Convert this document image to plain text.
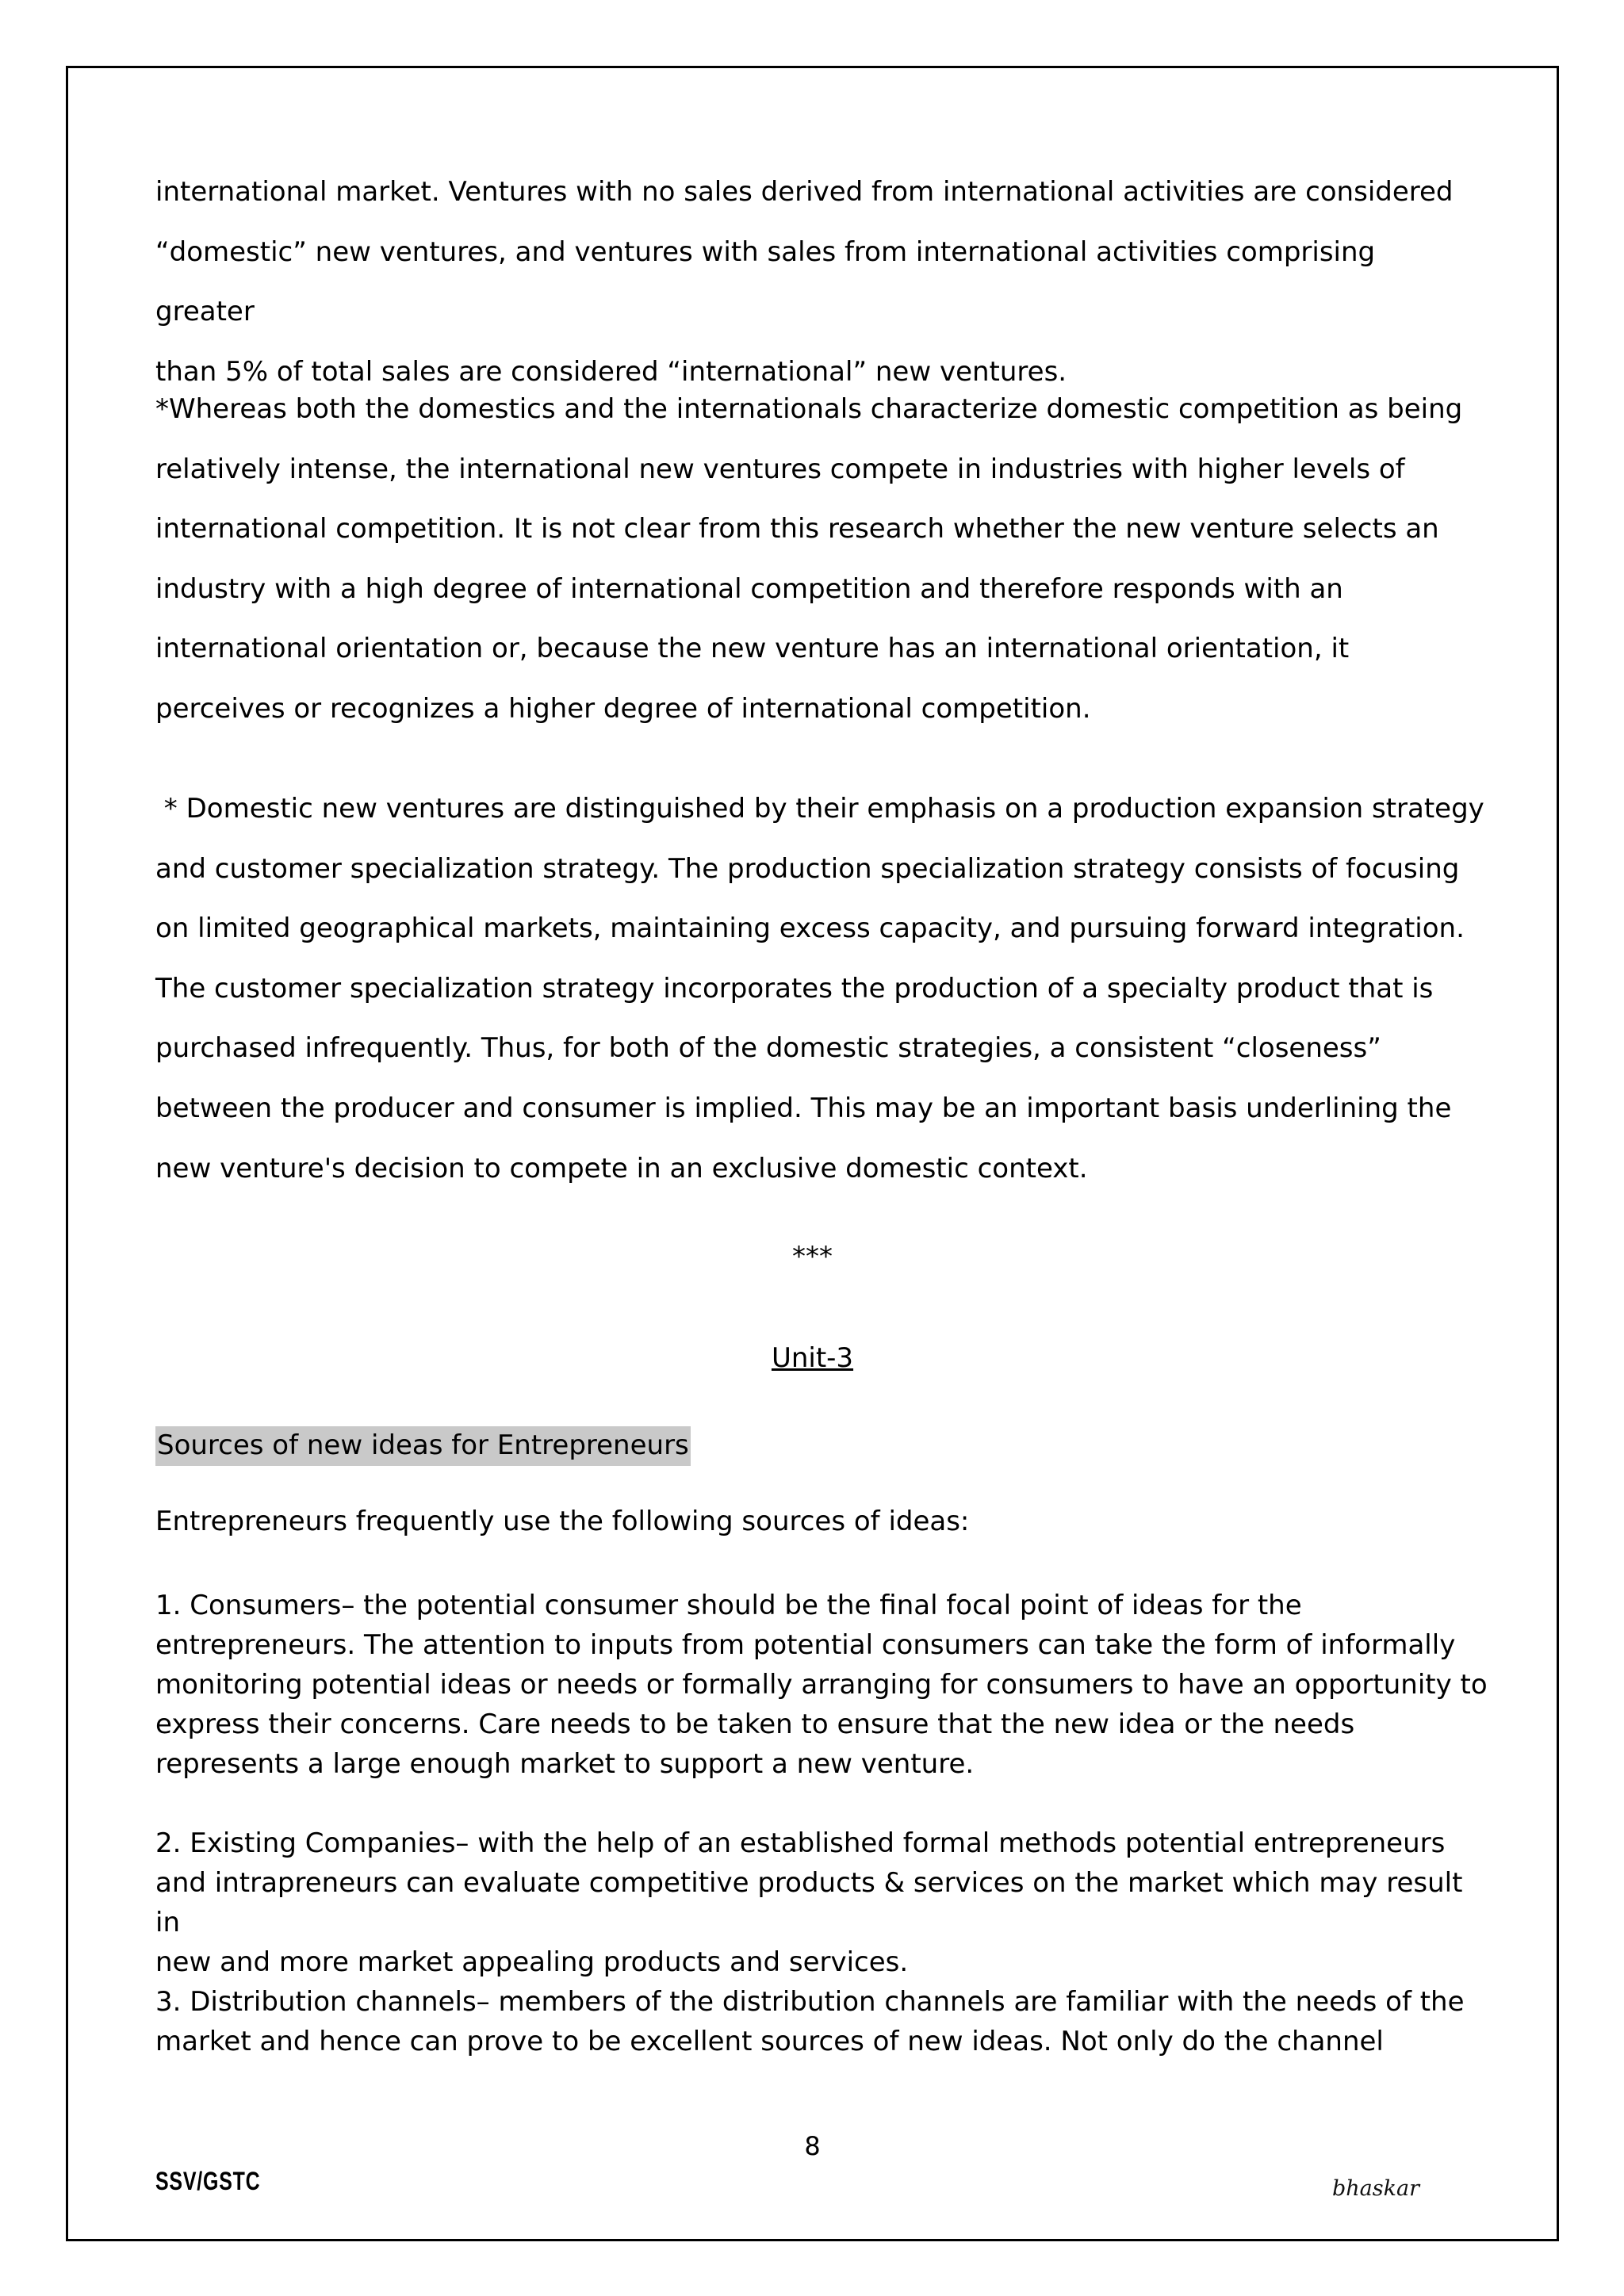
international market. Ventures with no sales derived from international activities are considered

“domestic” new ventures, and ventures with sales from international activities comprising greater

than 5% of total sales are considered “international” new ventures.

*Whereas both the domestics and the internationals characterize domestic competition as being

relatively intense, the international new ventures compete in industries with higher levels of

international competition. It is not clear from this research whether the new venture selects an

industry with a high degree of international competition and therefore responds with an

international orientation or, because the new venture has an international orientation, it

perceives or recognizes a higher degree of international competition.

* Domestic new ventures are distinguished by their emphasis on a production expansion strategy

and customer specialization strategy. The production specialization strategy consists of focusing

on limited geographical markets, maintaining excess capacity, and pursuing forward integration.

The customer specialization strategy incorporates the production of a specialty product that is

purchased infrequently. Thus, for both of the domestic strategies, a consistent “closeness”

between the producer and consumer is implied. This may be an important basis underlining the

new venture's decision to compete in an exclusive domestic context.

***
Unit-3
Sources of new ideas for Entrepreneurs
Entrepreneurs frequently use the following sources of ideas:

1. Consumers– the potential consumer should be the final focal point of ideas for the

entrepreneurs. The attention to inputs from potential consumers can take the form of informally

monitoring potential ideas or needs or formally arranging for consumers to have an opportunity to

express their concerns. Care needs to be taken to ensure that the new idea or the needs

represents a large enough market to support a new venture.

2. Existing Companies– with the help of an established formal methods potential entrepreneurs

and intrapreneurs can evaluate competitive products & services on the market which may result in

new and more market appealing products and services.

3. Distribution channels– members of the distribution channels are familiar with the needs of the

market and hence can prove to be excellent sources of new ideas. Not only do the channel

8
SSV/GSTC	bhaskar
